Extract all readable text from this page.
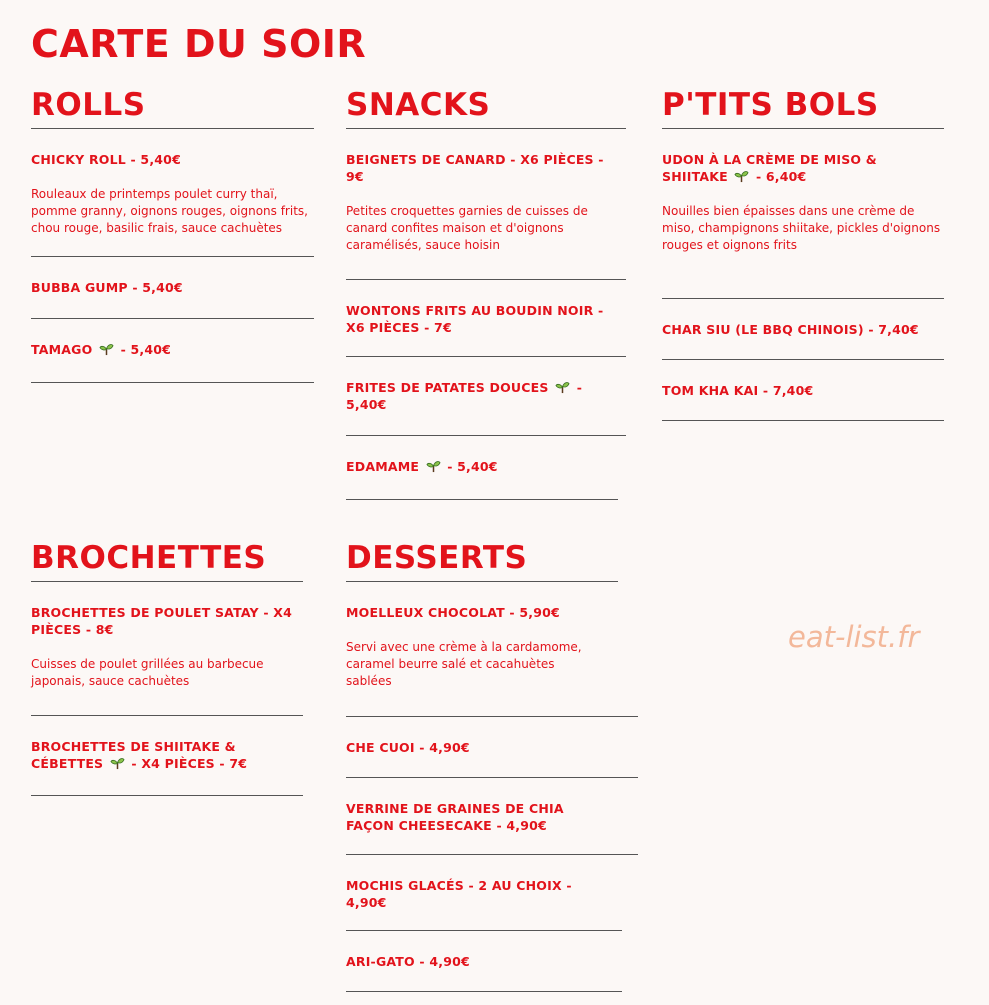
CARTE DU SOIR
ROLLS
CHICKY ROLL - 5,40€
Rouleaux de printemps poulet curry thaï, pomme granny, oignons rouges, oignons frits, chou rouge, basilic frais, sauce cachuètes
BUBBA GUMP - 5,40€
TAMAGO - 5,40€
SNACKS
BEIGNETS DE CANARD - X6 PIÈCES - 9€
Petites croquettes garnies de cuisses de canard confites maison et d'oignons caramélisés, sauce hoisin
WONTONS FRITS AU BOUDIN NOIR - X6 PIÈCES - 7€
FRITES DE PATATES DOUCES - 5,40€
EDAMAME - 5,40€
P'TITS BOLS
UDON À LA CRÈME DE MISO & SHIITAKE - 6,40€
Nouilles bien épaisses dans une crème de miso, champignons shiitake, pickles d'oignons rouges et oignons frits
CHAR SIU (LE BBQ CHINOIS) - 7,40€
TOM KHA KAI - 7,40€
BROCHETTES
BROCHETTES DE POULET SATAY - X4 PIÈCES - 8€
Cuisses de poulet grillées au barbecue japonais, sauce cachuètes
BROCHETTES DE SHIITAKE & CÉBETTES - X4 PIÈCES - 7€
DESSERTS
MOELLEUX CHOCOLAT - 5,90€
Servi avec une crème à la cardamome, caramel beurre salé et cacahuètes sablées
CHE CUOI - 4,90€
VERRINE DE GRAINES DE CHIA FAÇON CHEESECAKE - 4,90€
MOCHIS GLACÉS - 2 AU CHOIX - 4,90€
ARI-GATO - 4,90€
eat-list.fr
